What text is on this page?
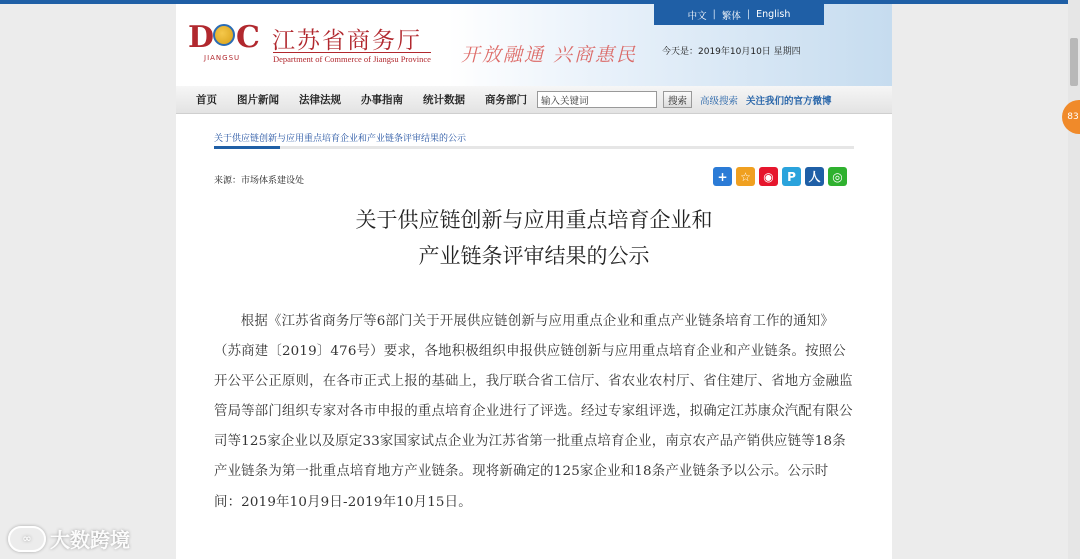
D C
JIANGSU
江苏省商务厅
Department of Commerce of Jiangsu Province 开放融通 兴商惠民
中文 | 繁体 | English
今天是：2019年10月10日 星期四
首页 图片新闻 法律法规 办事指南 统计数据 商务部门
输入关键词	搜索	高级搜索 关注我们的官方微博
关于供应链创新与应用重点培育企业和产业链条评审结果的公示
来源：市场体系建设处	+	☆	◉	P	人 ◎
关于供应链创新与应用重点培育企业和
产业链条评审结果的公示
根据《江苏省商务厅等6部门关于开展供应链创新与应用重点企业和重点产业链条培育工作的通知》（苏商建〔2019〕476号）要求，各地积极组织申报供应链创新与应用重点培育企业和产业链条。按照公开公平公正原则，在各市正式上报的基础上，我厅联合省工信厅、省农业农村厅、省住建厅、省地方金融监管局等部门组织专家对各市申报的重点培育企业进行了评选。经过专家组评选，拟确定江苏康众汽配有限公司等125家企业以及原定33家国家试点企业为江苏省第一批重点培育企业，南京农产品产销供应链等18条产业链条为第一批重点培育地方产业链条。现将新确定的125家企业和18条产业链条予以公示。公示时间：2019年10月9日-2019年10月15日。
83
∞ 大数跨境
